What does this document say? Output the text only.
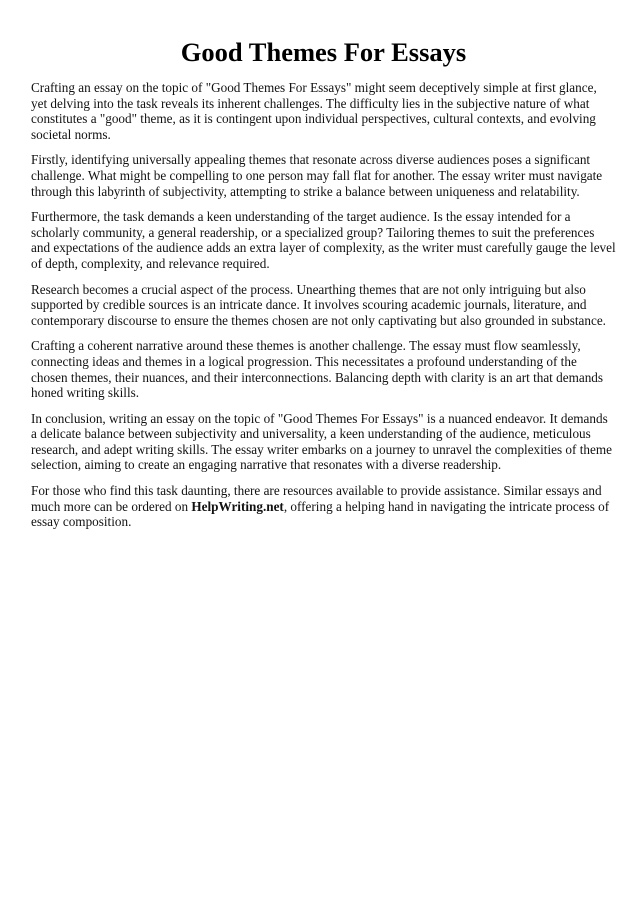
Good Themes For Essays

Crafting an essay on the topic of "Good Themes For Essays" might seem deceptively simple at first glance, yet delving into the task reveals its inherent challenges. The difficulty lies in the subjective nature of what constitutes a "good" theme, as it is contingent upon individual perspectives, cultural contexts, and evolving societal norms.

Firstly, identifying universally appealing themes that resonate across diverse audiences poses a significant challenge. What might be compelling to one person may fall flat for another. The essay writer must navigate through this labyrinth of subjectivity, attempting to strike a balance between uniqueness and relatability.

Furthermore, the task demands a keen understanding of the target audience. Is the essay intended for a scholarly community, a general readership, or a specialized group? Tailoring themes to suit the preferences and expectations of the audience adds an extra layer of complexity, as the writer must carefully gauge the level of depth, complexity, and relevance required.

Research becomes a crucial aspect of the process. Unearthing themes that are not only intriguing but also supported by credible sources is an intricate dance. It involves scouring academic journals, literature, and contemporary discourse to ensure the themes chosen are not only captivating but also grounded in substance.

Crafting a coherent narrative around these themes is another challenge. The essay must flow seamlessly, connecting ideas and themes in a logical progression. This necessitates a profound understanding of the chosen themes, their nuances, and their interconnections. Balancing depth with clarity is an art that demands honed writing skills.

In conclusion, writing an essay on the topic of "Good Themes For Essays" is a nuanced endeavor. It demands a delicate balance between subjectivity and universality, a keen understanding of the audience, meticulous research, and adept writing skills. The essay writer embarks on a journey to unravel the complexities of theme selection, aiming to create an engaging narrative that resonates with a diverse readership.

For those who find this task daunting, there are resources available to provide assistance. Similar essays and much more can be ordered on HelpWriting.net, offering a helping hand in navigating the intricate process of essay composition.
